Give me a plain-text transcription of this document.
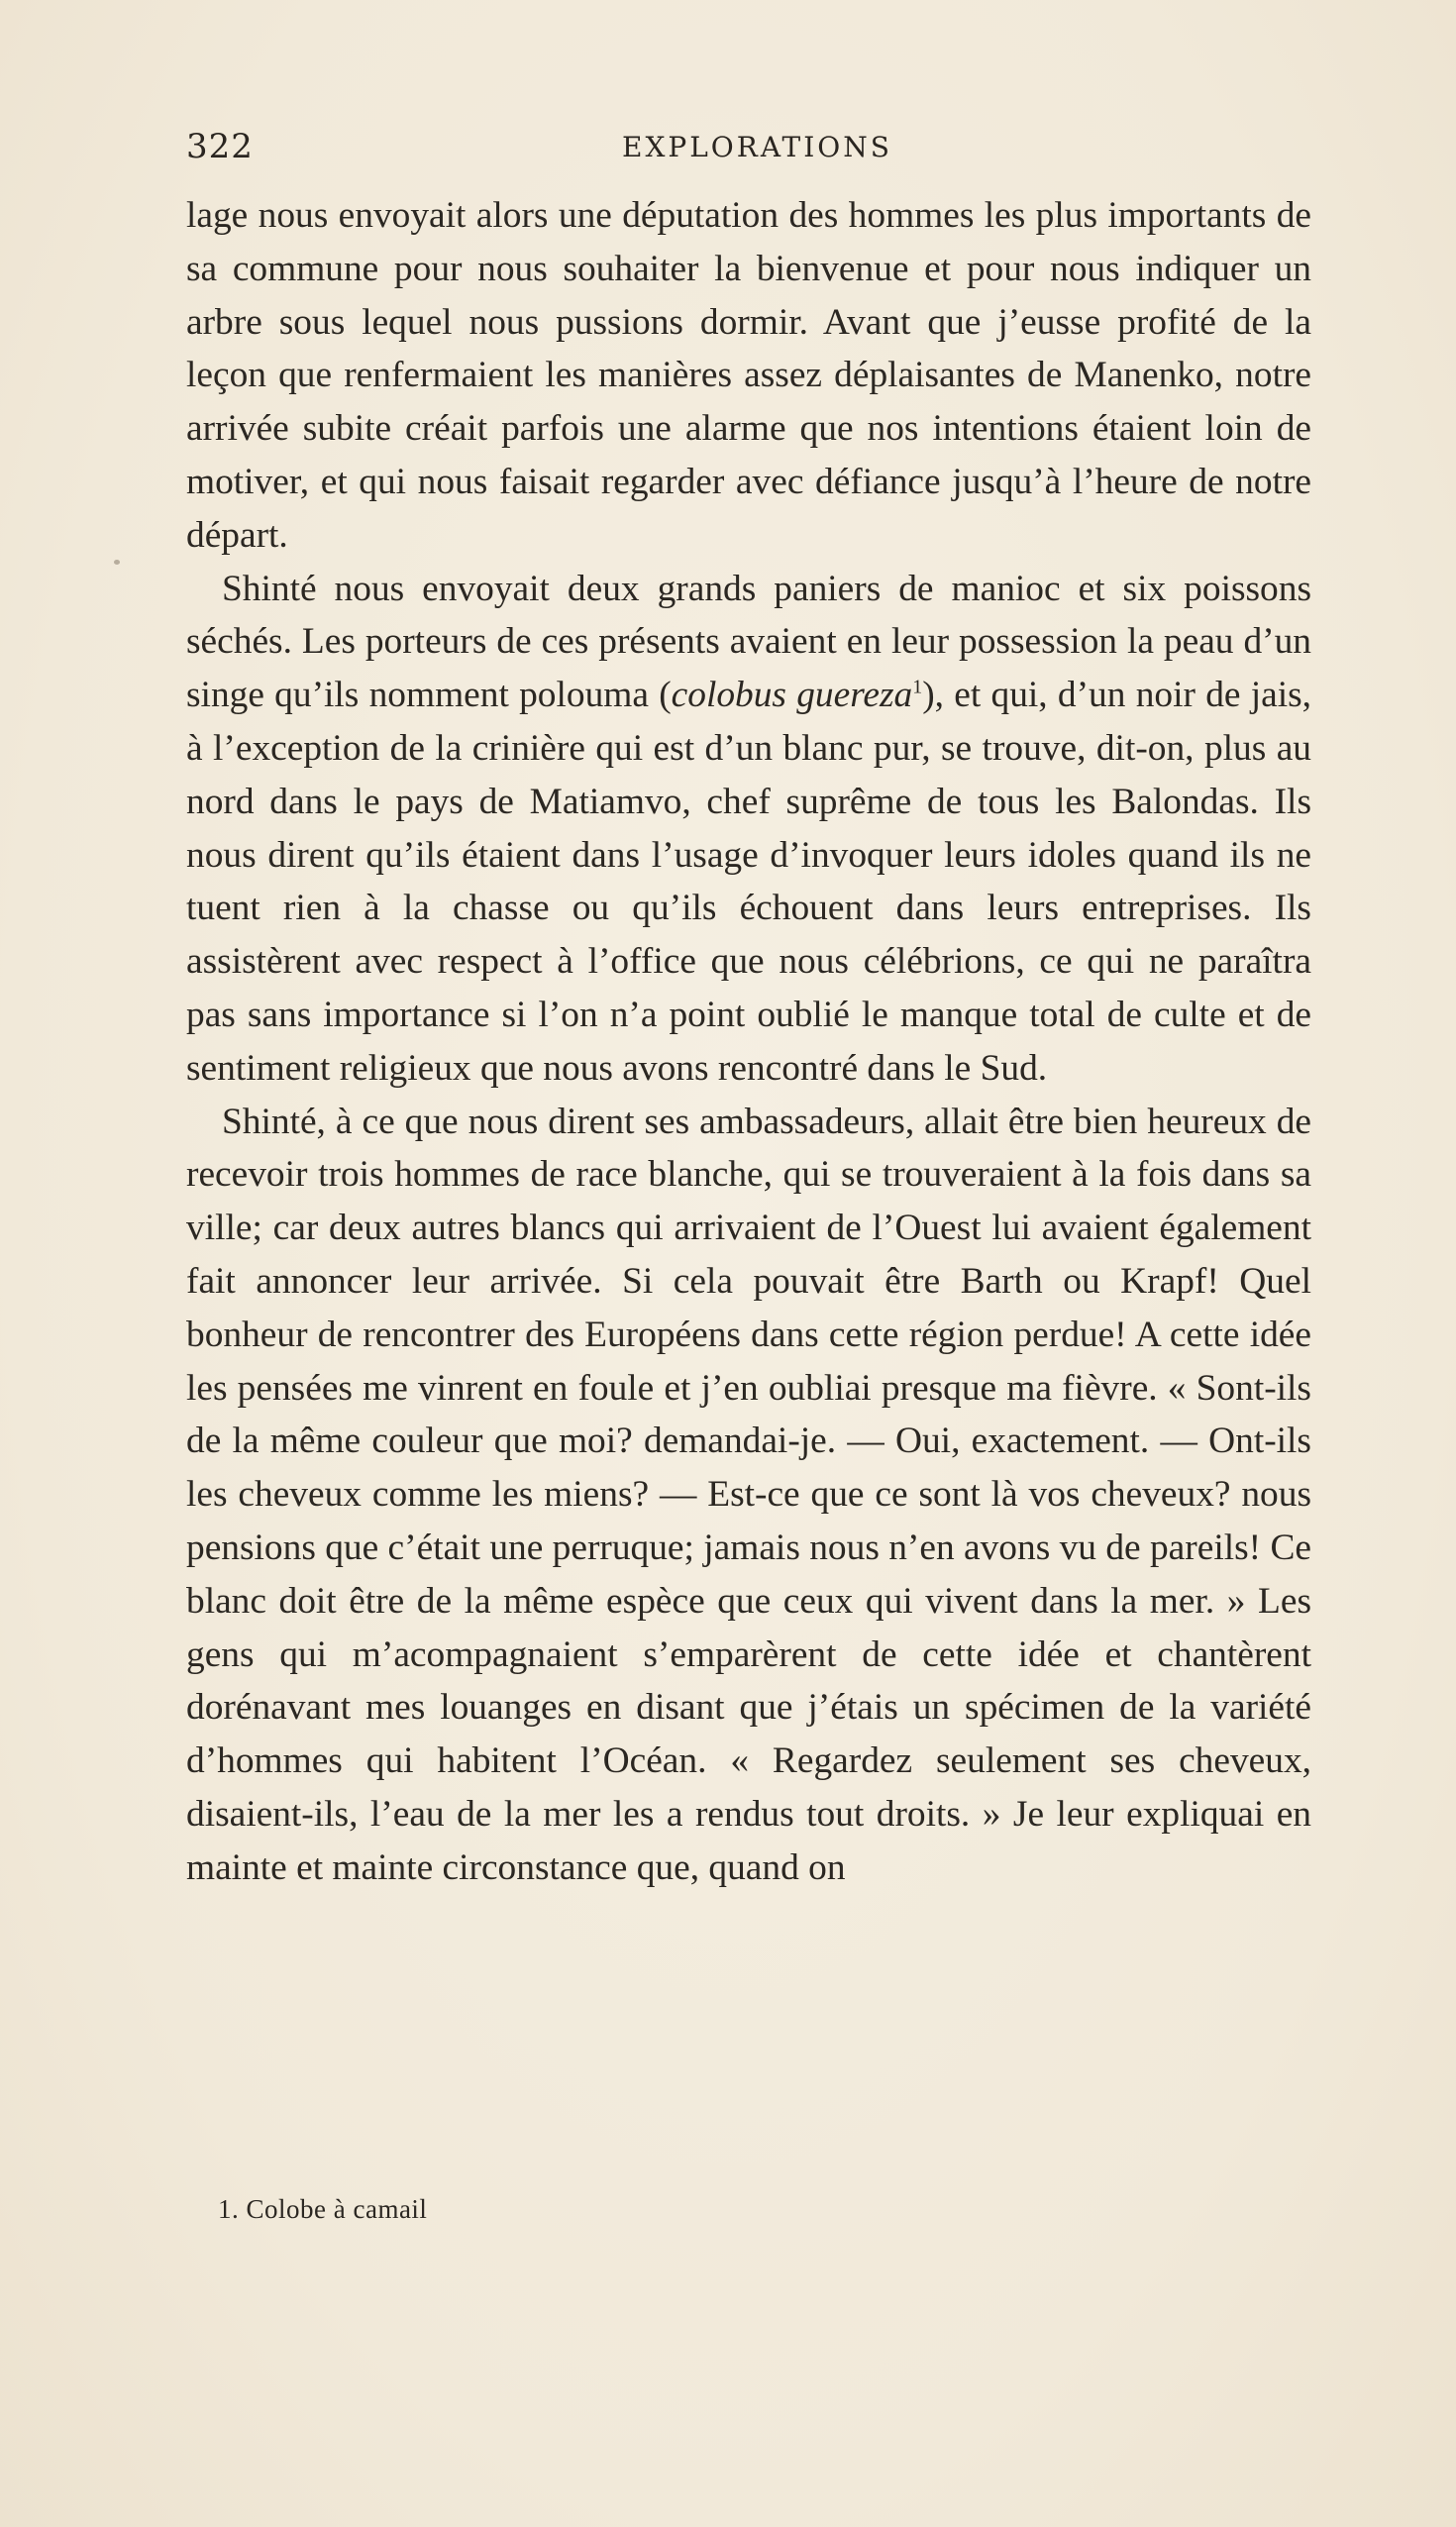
322	EXPLORATIONS

lage nous envoyait alors une députation des hommes les plus importants de sa commune pour nous souhaiter la bienvenue et pour nous indiquer un arbre sous lequel nous pussions dormir. Avant que j’eusse profité de la leçon que renfermaient les manières assez déplaisantes de Manenko, notre arrivée subite créait parfois une alarme que nos intentions étaient loin de motiver, et qui nous faisait regarder avec défiance jusqu’à l’heure de notre départ.

Shinté nous envoyait deux grands paniers de manioc et six poissons séchés. Les porteurs de ces présents avaient en leur possession la peau d’un singe qu’ils nomment polouma (colobus guereza$^1$), et qui, d’un noir de jais, à l’exception de la crinière qui est d’un blanc pur, se trouve, dit-on, plus au nord dans le pays de Matiamvo, chef suprême de tous les Balondas. Ils nous dirent qu’ils étaient dans l’usage d’invoquer leurs idoles quand ils ne tuent rien à la chasse ou qu’ils échouent dans leurs entreprises. Ils assistèrent avec respect à l’office que nous célébrions, ce qui ne paraîtra pas sans importance si l’on n’a point oublié le manque total de culte et de sentiment religieux que nous avons rencontré dans le Sud.

Shinté, à ce que nous dirent ses ambassadeurs, allait être bien heureux de recevoir trois hommes de race blanche, qui se trouveraient à la fois dans sa ville; car deux autres blancs qui arrivaient de l’Ouest lui avaient également fait annoncer leur arrivée. Si cela pouvait être Barth ou Krapf! Quel bonheur de rencontrer des Européens dans cette région perdue! A cette idée les pensées me vinrent en foule et j’en oubliai presque ma fièvre. « Sont-ils de la même couleur que moi? demandai-je. — Oui, exactement. — Ont-ils les cheveux comme les miens? — Est-ce que ce sont là vos cheveux? nous pensions que c’était une perruque; jamais nous n’en avons vu de pareils! Ce blanc doit être de la même espèce que ceux qui vivent dans la mer. » Les gens qui m’acompagnaient s’emparèrent de cette idée et chantèrent dorénavant mes louanges en disant que j’étais un spécimen de la variété d’hommes qui habitent l’Océan. « Regardez seulement ses cheveux, disaient-ils, l’eau de la mer les a rendus tout droits. » Je leur expliquai en mainte et mainte circonstance que, quand on

1. Colobe à camail
